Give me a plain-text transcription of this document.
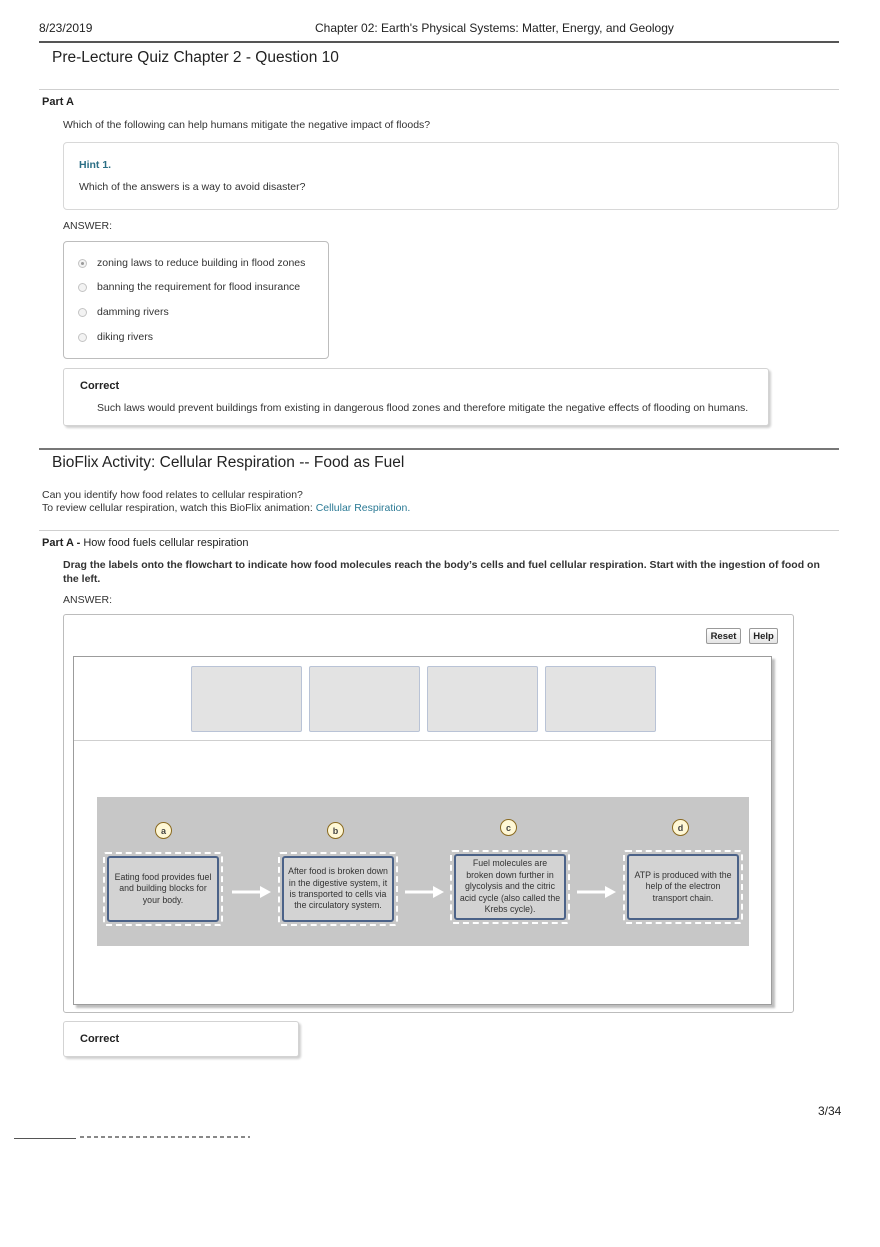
8/23/2019	Chapter 02: Earth's Physical Systems: Matter, Energy, and Geology
Pre-Lecture Quiz Chapter 2 - Question 10
Part A
Which of the following can help humans mitigate the negative impact of floods?
Hint 1.
Which of the answers is a way to avoid disaster?
ANSWER:
zoning laws to reduce building in flood zones
banning the requirement for flood insurance
damming rivers
diking rivers
Correct
Such laws would prevent buildings from existing in dangerous flood zones and therefore mitigate the negative effects of flooding on humans.
BioFlix Activity: Cellular Respiration -- Food as Fuel
Can you identify how food relates to cellular respiration?
To review cellular respiration, watch this BioFlix animation: Cellular Respiration.
Part A - How food fuels cellular respiration
Drag the labels onto the flowchart to indicate how food molecules reach the body’s cells and fuel cellular respiration. Start with the ingestion of food on the left.
ANSWER:
Reset	Help
a
Eating food provides fuel and building blocks for your body.
b
After food is broken down in the digestive system, it is transported to cells via the circulatory system.
c
Fuel molecules are broken down further in glycolysis and the citric acid cycle (also called the Krebs cycle).
d
ATP is produced with the help of the electron transport chain.
Correct
3/34
